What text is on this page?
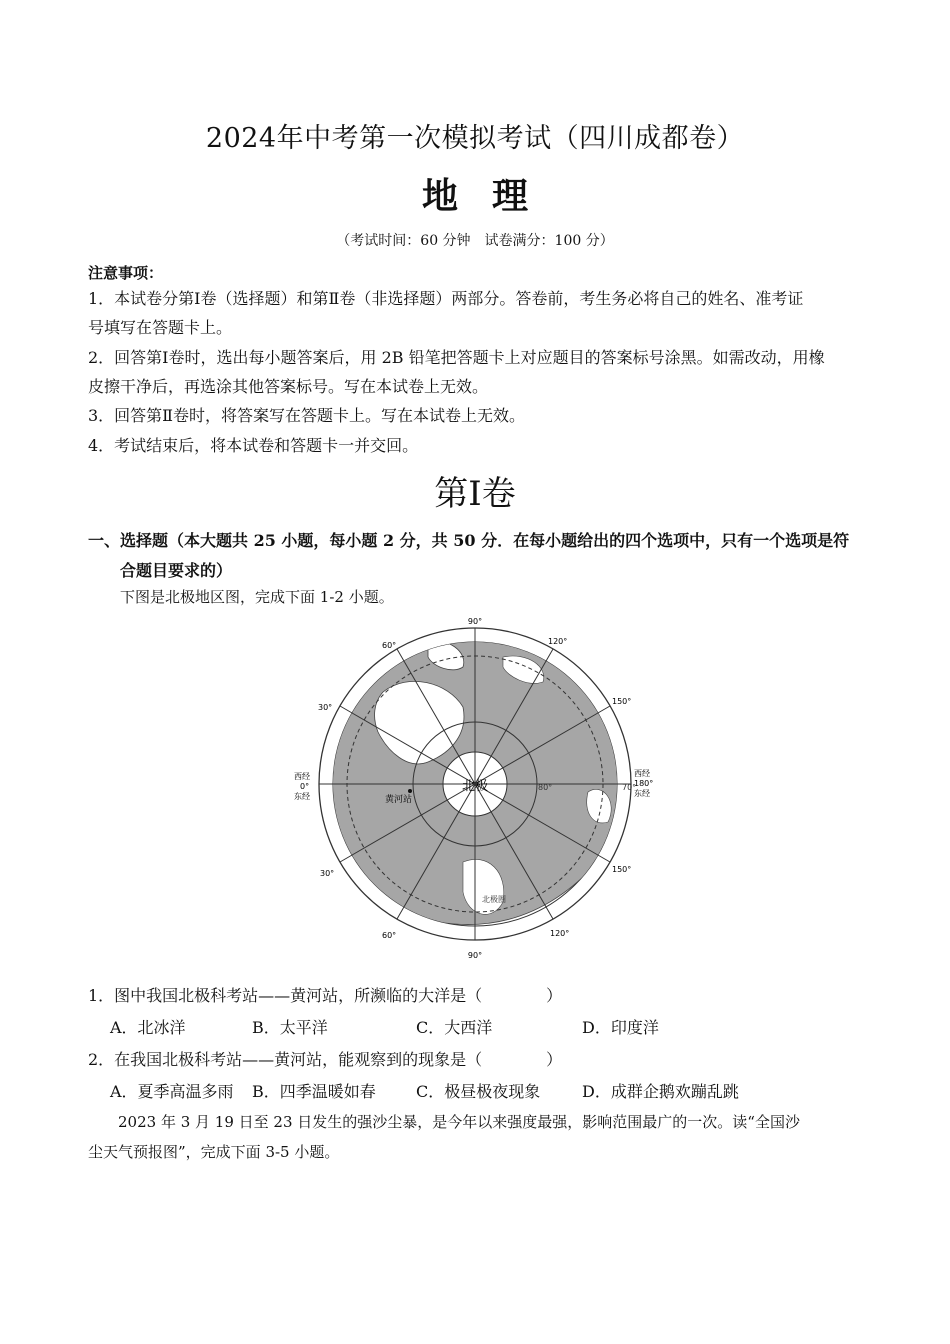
2024年中考第一次模拟考试（四川成都卷）
地理
（考试时间：60 分钟　试卷满分：100 分）
注意事项：
1．本试卷分第Ⅰ卷（选择题）和第Ⅱ卷（非选择题）两部分。答卷前，考生务必将自己的姓名、准考证
号填写在答题卡上。
2．回答第Ⅰ卷时，选出每小题答案后，用 2B 铅笔把答题卡上对应题目的答案标号涂黑。如需改动，用橡
皮擦干净后，再选涂其他答案标号。写在本试卷上无效。
3．回答第Ⅱ卷时，将答案写在答题卡上。写在本试卷上无效。
4．考试结束后，将本试卷和答题卡一并交回。
第Ⅰ卷
一、选择题（本大题共 25 小题，每小题 2 分，共 50 分．在每小题给出的四个选项中，只有一个选项是符
合题目要求的）
下图是北极地区图，完成下面 1-2 小题。
北极
黄河站
80°	70°
北极圈
90°
90°
60°	120°
30°
150°
30°	150°
60°	120°
西经
0°
东经
西经
180°
东经
1．图中我国北极科考站——黄河站，所濒临的大洋是（　　　　）
A．北冰洋	B．太平洋	C．大西洋	D．印度洋
2．在我国北极科考站——黄河站，能观察到的现象是（　　　　）
A．夏季高温多雨 B．四季温暖如春	C．极昼极夜现象	D．成群企鹅欢蹦乱跳
2023 年 3 月 19 日至 23 日发生的强沙尘暴，是今年以来强度最强，影响范围最广的一次。读“全国沙
尘天气预报图”，完成下面 3-5 小题。
